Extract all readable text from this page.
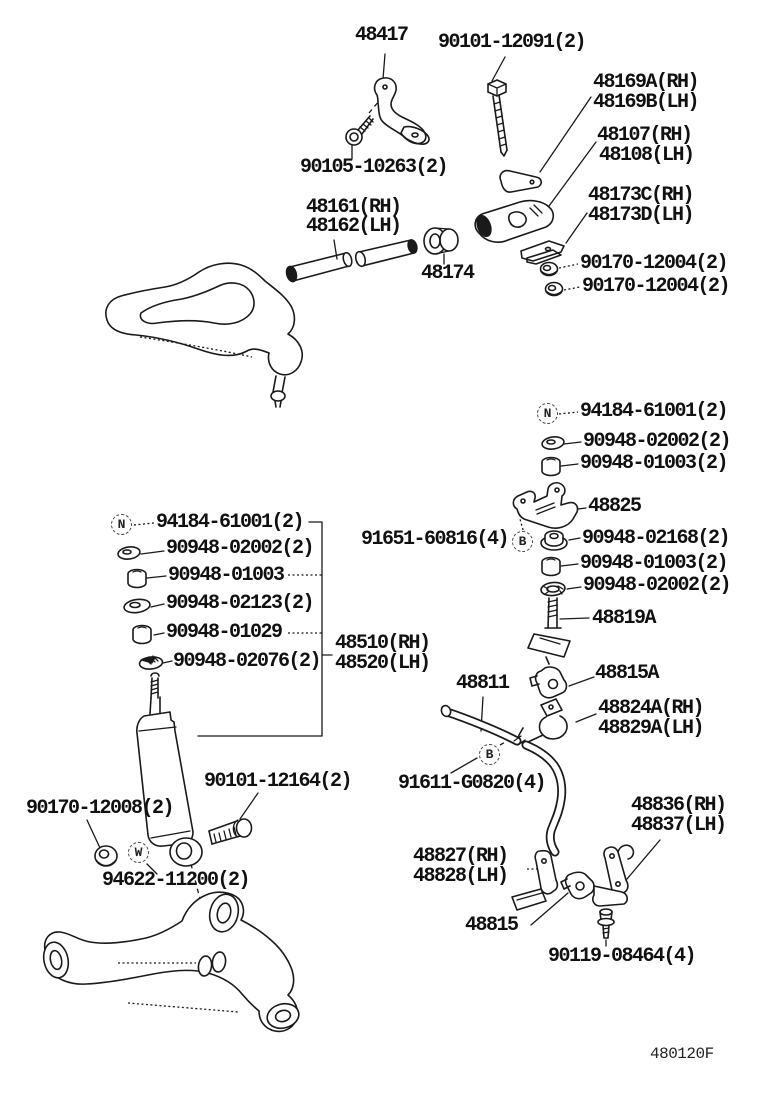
N
N
B
B
W
48417 90101-12091(2)
48169A(RH)
48169B(LH)
48107(RH)
48108(LH)
90105-10263(2)
48173C(RH)
48173D(LH)
48161(RH)
48162(LH)
48174	90170-12004(2)
90170-12004(2)
94184-61001(2)
90948-02002(2)
90948-01003(2)
48825
91651-60816(4)	90948-02168(2)
90948-01003(2)
90948-02002(2)
48819A
94184-61001(2)
90948-02002(2)
90948-01003
90948-02123(2)
90948-01029
90948-02076(2)
48510(RH)
48520(LH)
48811	48815A
48824A(RH)
48829A(LH)
91611-G0820(4)
90101-12164(2)
90170-12008(2)
94622-11200(2)
48836(RH)
48837(LH)
48827(RH)
48828(LH)
48815
90119-08464(4)
480120F
